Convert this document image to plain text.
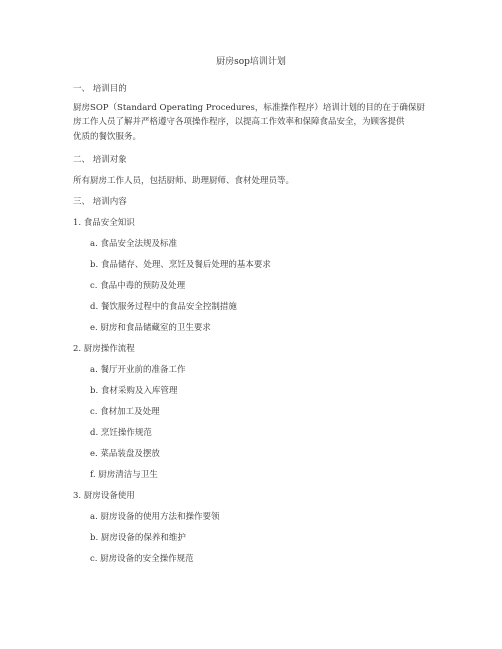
厨房sop培训计划
一、 培训目的
厨房SOP（Standard Operating Procedures，标准操作程序）培训计划的目的在于确保厨
房工作人员了解并严格遵守各项操作程序，以提高工作效率和保障食品安全，为顾客提供
优质的餐饮服务。
二、 培训对象
所有厨房工作人员，包括厨师、助理厨师、食材处理员等。
三、 培训内容
1. 食品安全知识
a. 食品安全法规及标准
b. 食品储存、处理、烹饪及餐后处理的基本要求
c. 食品中毒的预防及处理
d. 餐饮服务过程中的食品安全控制措施
e. 厨房和食品储藏室的卫生要求
2. 厨房操作流程
a. 餐厅开业前的准备工作
b. 食材采购及入库管理
c. 食材加工及处理
d. 烹饪操作规范
e. 菜品装盘及摆放
f. 厨房清洁与卫生
3. 厨房设备使用
a. 厨房设备的使用方法和操作要领
b. 厨房设备的保养和维护
c. 厨房设备的安全操作规范
